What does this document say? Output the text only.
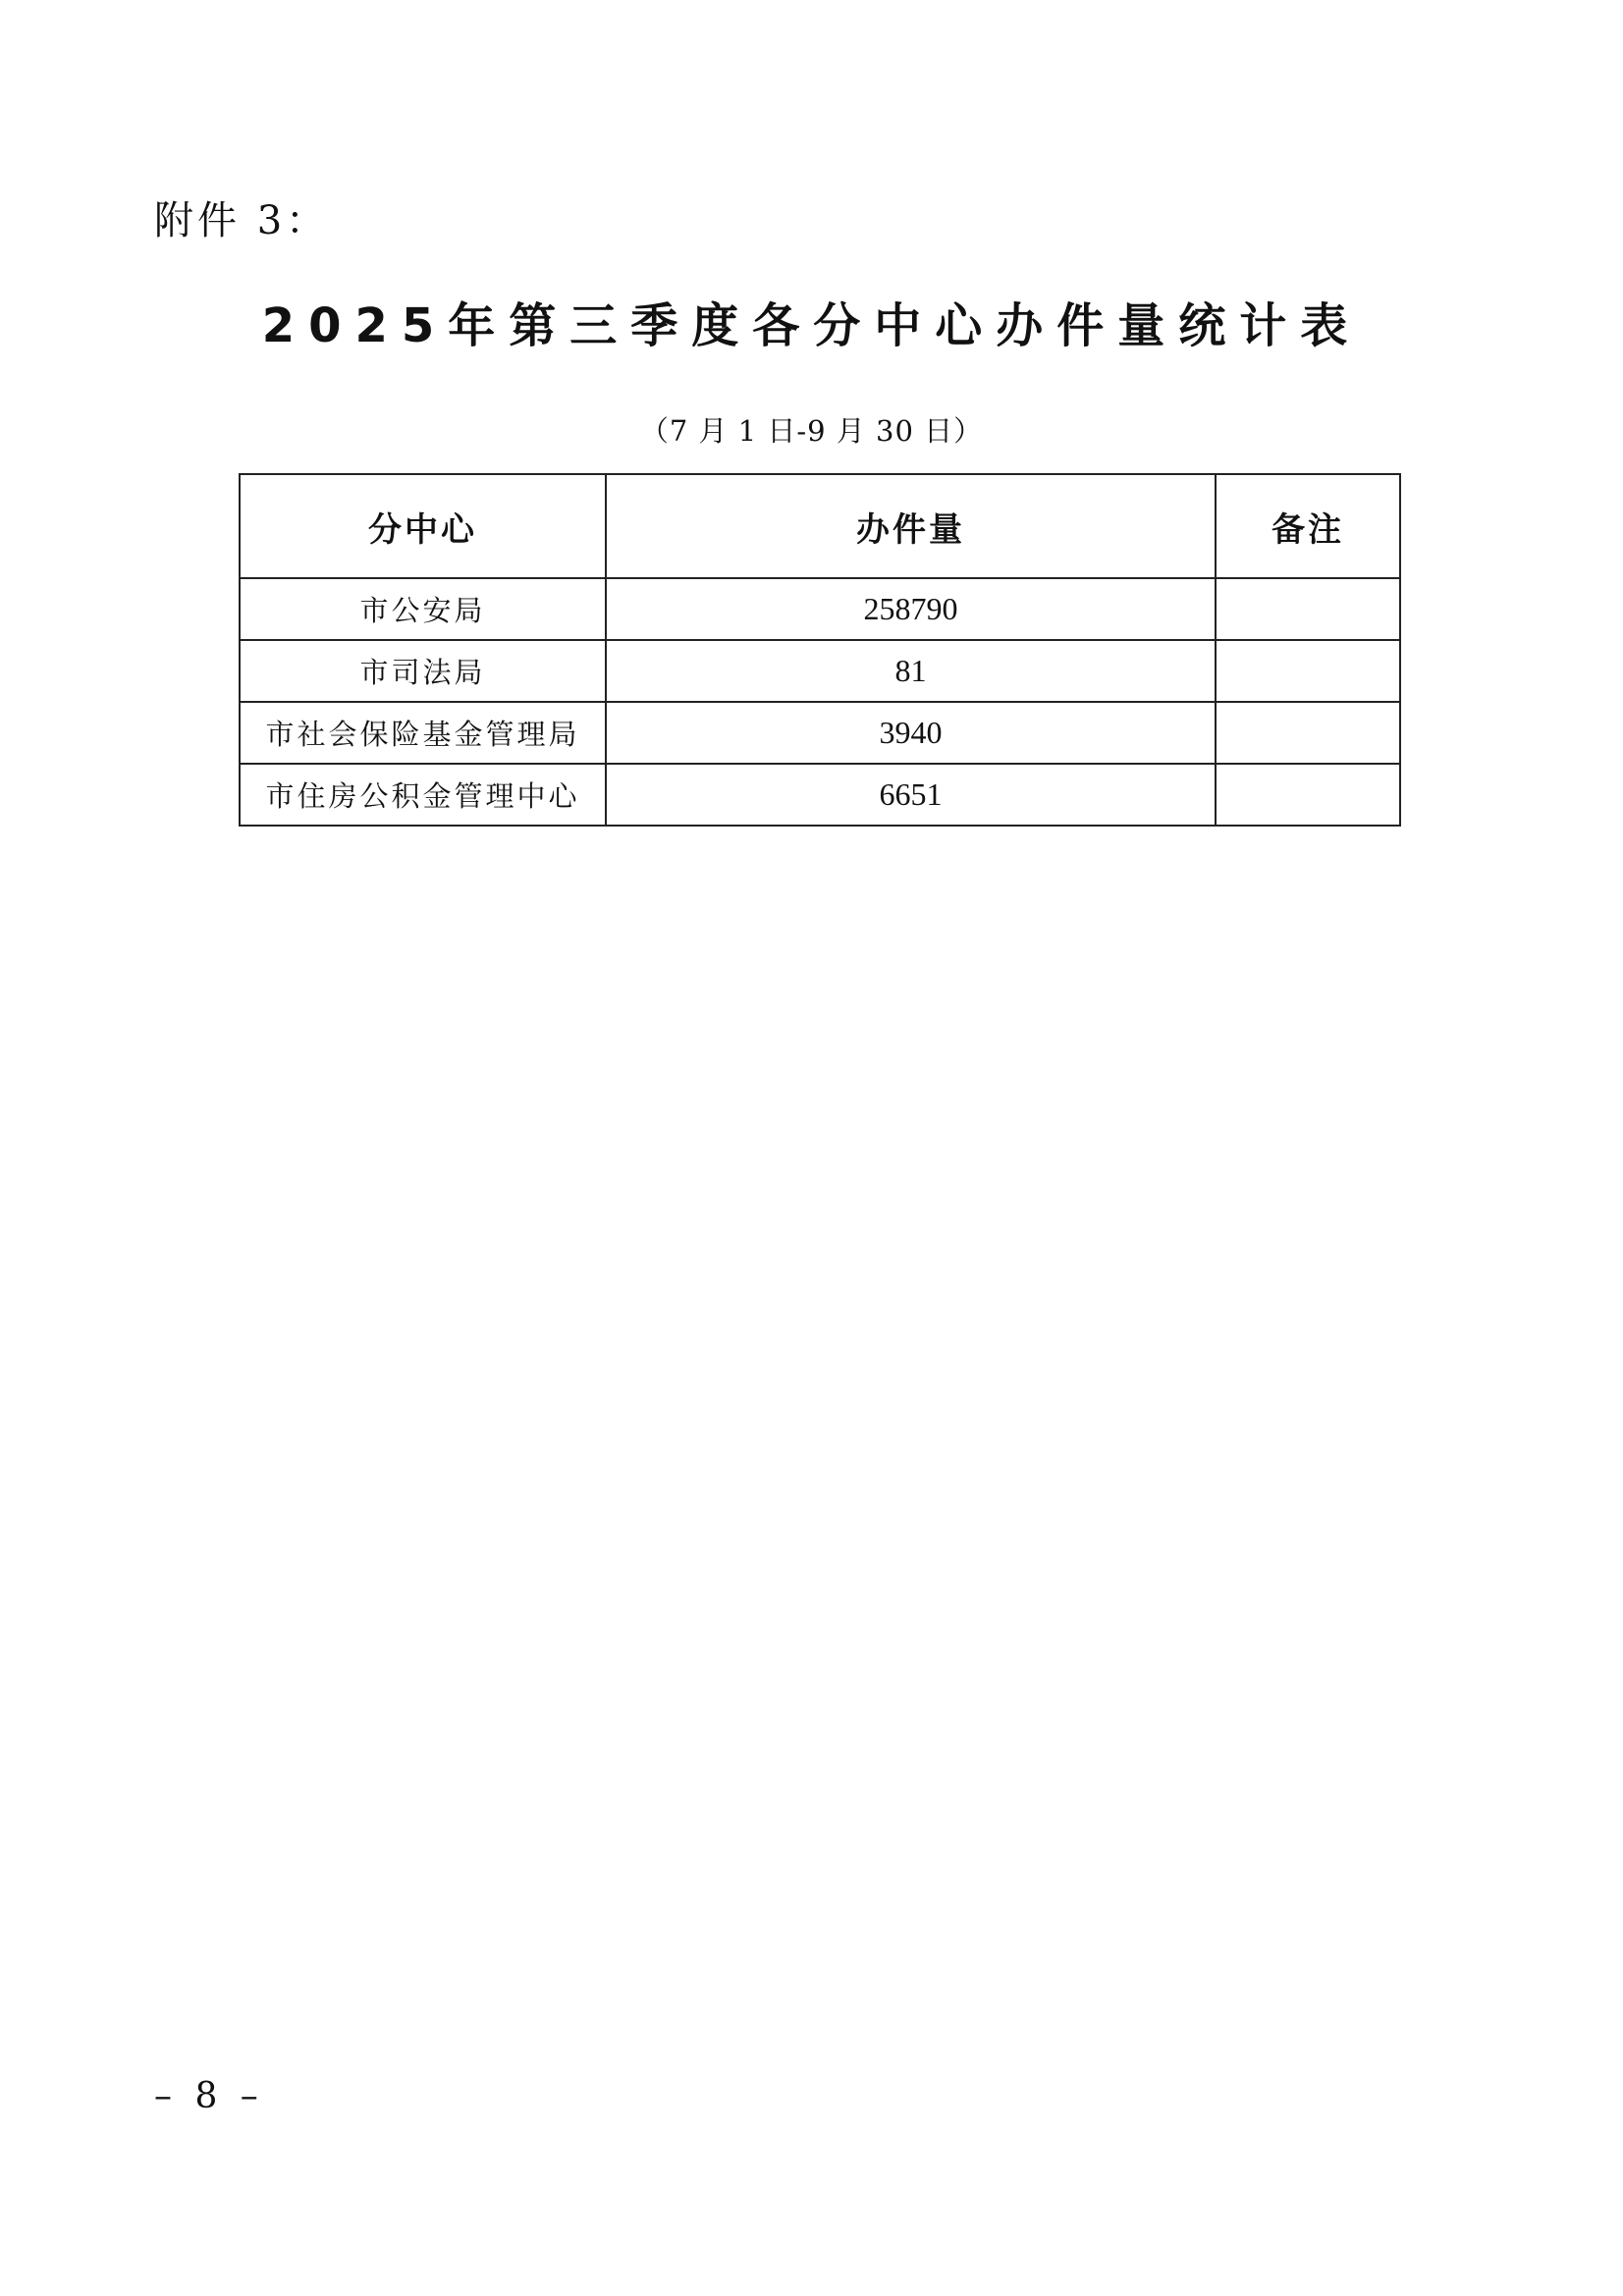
附件 3：
2025年第三季度各分中心办件量统计表
（7 月 1 日-9 月 30 日）
分中心	办件量	备注
市公安局	258790	
市司法局	81	
市社会保险基金管理局	3940	
市住房公积金管理中心	6651	
– 8 –
